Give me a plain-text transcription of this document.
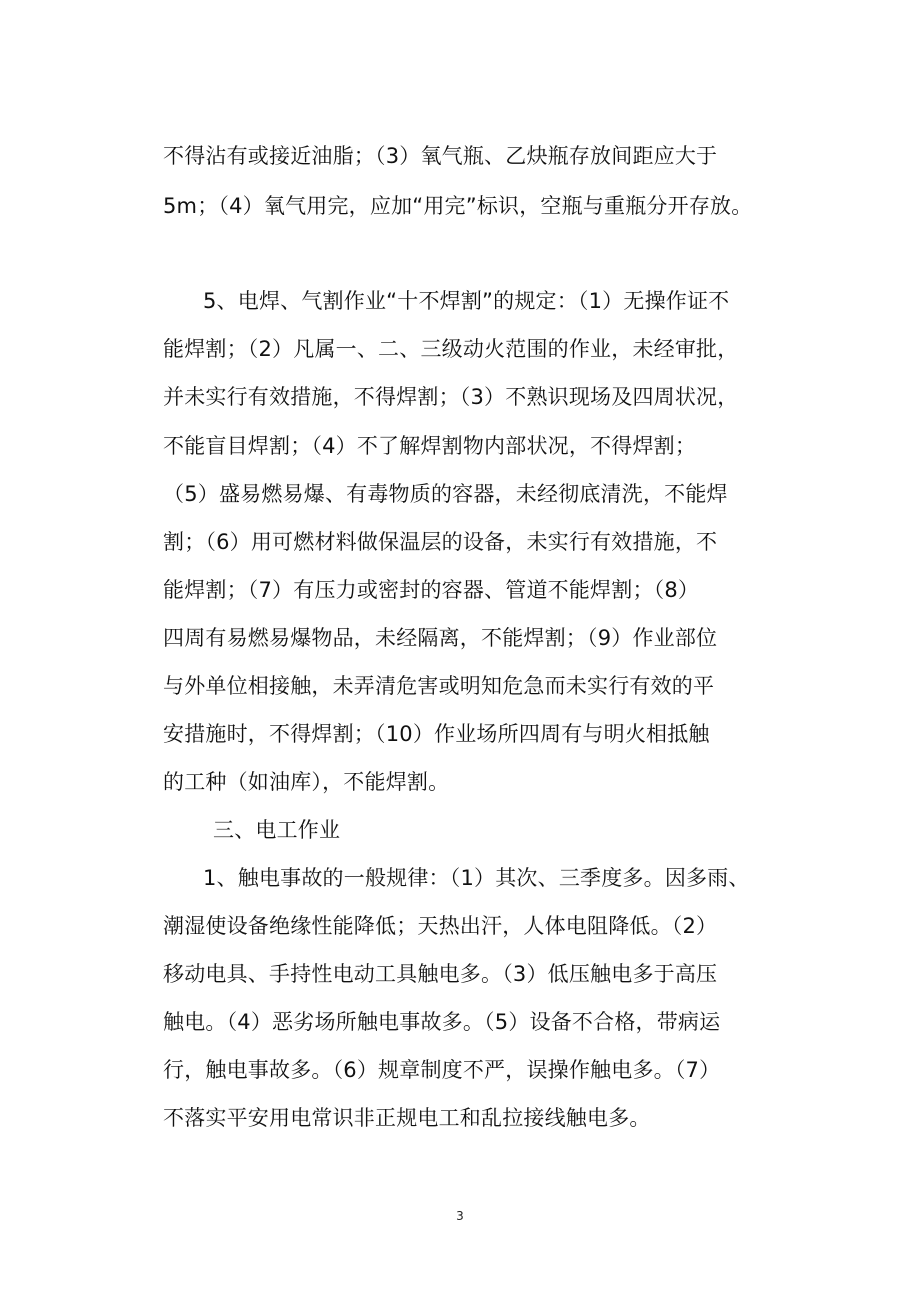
不得沾有或接近油脂；（3）氧气瓶、乙炔瓶存放间距应大于
5m；（4）氧气用完，应加“用完”标识，空瓶与重瓶分开存放。
5、电焊、气割作业“十不焊割”的规定：（1）无操作证不
能焊割；（2）凡属一、二、三级动火范围的作业，未经审批，
并未实行有效措施，不得焊割；（3）不熟识现场及四周状况，
不能盲目焊割；（4）不了解焊割物内部状况，不得焊割；
（5）盛易燃易爆、有毒物质的容器，未经彻底清洗，不能焊
割；（6）用可燃材料做保温层的设备，未实行有效措施，不
能焊割；（7）有压力或密封的容器、管道不能焊割；（8）
四周有易燃易爆物品，未经隔离，不能焊割；（9）作业部位
与外单位相接触，未弄清危害或明知危急而未实行有效的平
安措施时，不得焊割；（10）作业场所四周有与明火相抵触
的工种（如油库），不能焊割。
三、电工作业
1、触电事故的一般规律：（1）其次、三季度多。因多雨、
潮湿使设备绝缘性能降低；天热出汗，人体电阻降低。（2）
移动电具、手持性电动工具触电多。（3）低压触电多于高压
触电。（4）恶劣场所触电事故多。（5）设备不合格，带病运
行，触电事故多。（6）规章制度不严，误操作触电多。（7）
不落实平安用电常识非正规电工和乱拉接线触电多。
3
